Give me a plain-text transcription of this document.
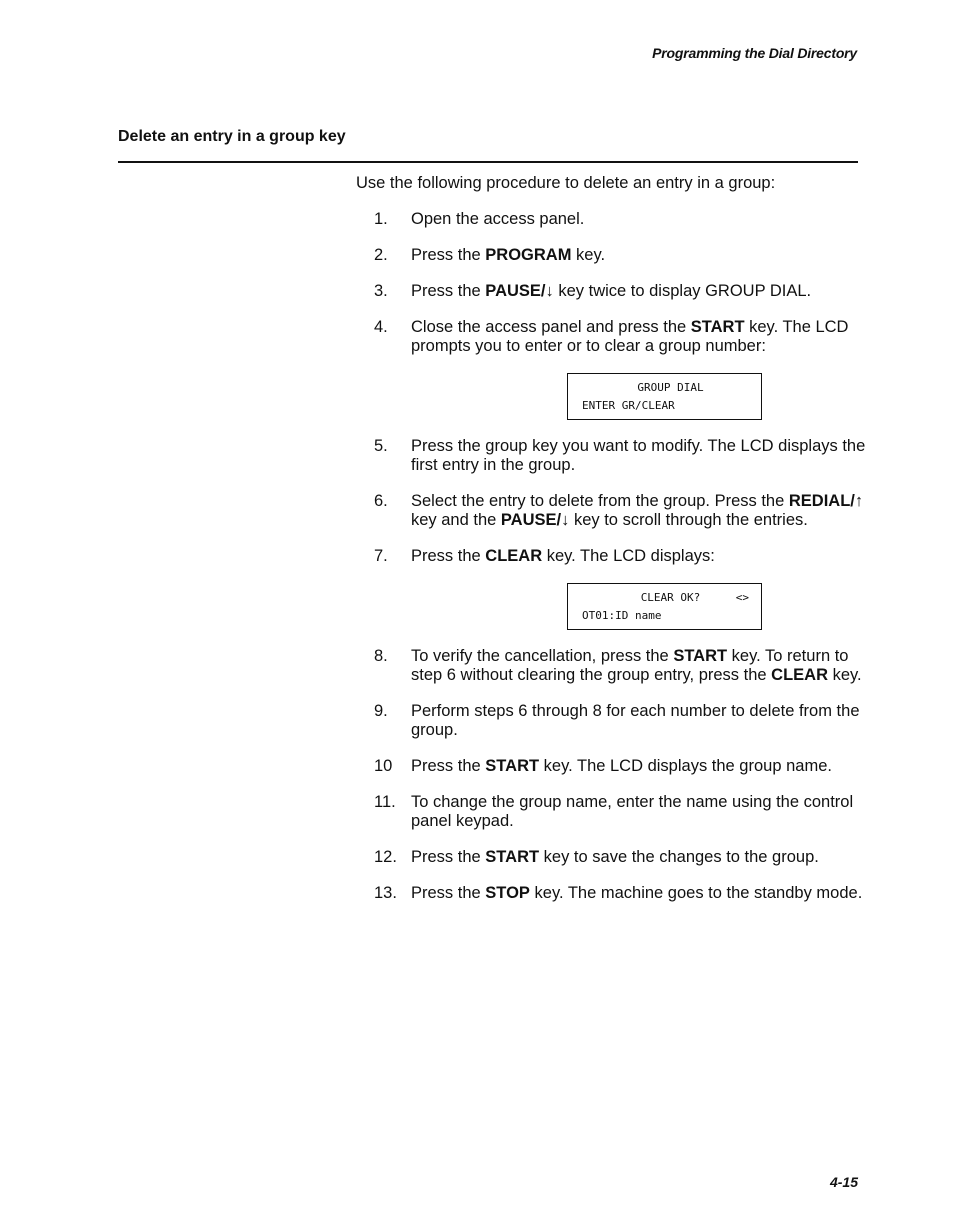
Programming the Dial Directory
Delete an entry in a group key

Use the following procedure to delete an entry in a group:

1. Open the access panel.
2. Press the PROGRAM key.
3. Press the PAUSE/↓ key twice to display GROUP DIAL.
4. Close the access panel and press the START key. The LCD prompts you to enter or to clear a group number:
GROUP DIAL
ENTER GR/CLEAR
5. Press the group key you want to modify. The LCD displays the first entry in the group.
6. Select the entry to delete from the group. Press the REDIAL/↑ key and the PAUSE/↓ key to scroll through the entries.
7. Press the CLEAR key. The LCD displays:
CLEAR OK?	<>
OT01:ID name
8. To verify the cancellation, press the START key. To return to step 6 without clearing the group entry, press the CLEAR key.
9. Perform steps 6 through 8 for each number to delete from the group.
10 Press the START key. The LCD displays the group name.
11. To change the group name, enter the name using the control panel keypad.
12. Press the START key to save the changes to the group.
13. Press the STOP key. The machine goes to the standby mode.
4-15
